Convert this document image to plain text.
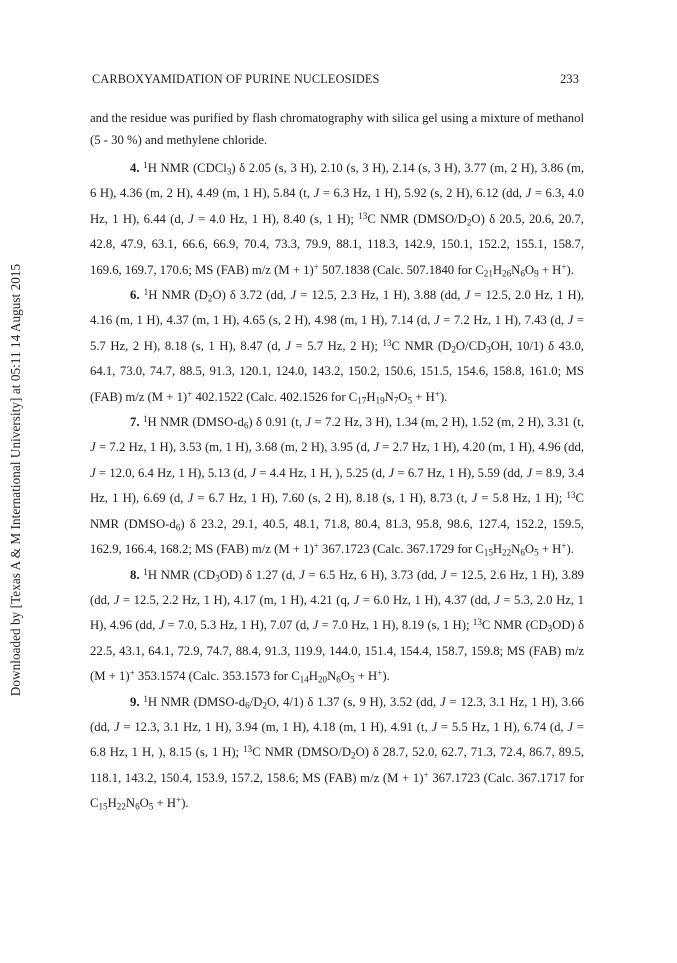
Downloaded by [Texas A & M International University] at 05:11 14 August 2015
CARBOXYAMIDATION OF PURINE NUCLEOSIDES	233

and the residue was purified by flash chromatography with silica gel using a mixture of methanol (5 - 30 %) and methylene chloride.

4. $^1$H NMR (CDCl$_3$) δ 2.05 (s, 3 H), 2.10 (s, 3 H), 2.14 (s, 3 H), 3.77 (m, 2 H), 3.86 (m, 6 H), 4.36 (m, 2 H), 4.49 (m, 1 H), 5.84 (t, J = 6.3 Hz, 1 H), 5.92 (s, 2 H), 6.12 (dd, J = 6.3, 4.0 Hz, 1 H), 6.44 (d, J = 4.0 Hz, 1 H), 8.40 (s, 1 H); $^{13}$C NMR $(DMSO/D_2O)$ δ 20.5, 20.6, 20.7, 42.8, 47.9, 63.1, 66.6, 66.9, 70.4, 73.3, 79.9, 88.1, 118.3, 142.9, 150.1, 152.2, 155.1, 158.7, 169.6, 169.7, 170.6; MS (FAB) m/z (M + 1)+ 507.1838 (Calc. 507.1840 for $C_{21}H_{26}N_6O_9 + H^+$).

6. $^1$H NMR $(D_2O)$ δ 3.72 (dd, J = 12.5, 2.3 Hz, 1 H), 3.88 (dd, J = 12.5, 2.0 Hz, 1 H), 4.16 (m, 1 H), 4.37 (m, 1 H), 4.65 (s, 2 H), 4.98 (m, 1 H), 7.14 (d, J = 7.2 Hz, 1 H), 7.43 (d, J = 5.7 Hz, 2 H), 8.18 (s, 1 H), 8.47 (d, J = 5.7 Hz, 2 H); $^{13}$C NMR ($D_2O/CD_3OH$, 10/1) δ 43.0, 64.1, 73.0, 74.7, 88.5, 91.3, 120.1, 124.0, 143.2, 150.2, 150.6, 151.5, 154.6, 158.8, 161.0; MS (FAB) m/z (M + 1)+ 402.1522 (Calc. 402.1526 for $C_{17}H_{19}N_7O_5 + H^+$).

7. $^1$H NMR $(DMSO-d_6)$ δ 0.91 (t, J = 7.2 Hz, 3 H), 1.34 (m, 2 H), 1.52 (m, 2 H), 3.31 (t, J = 7.2 Hz, 1 H), 3.53 (m, 1 H), 3.68 (m, 2 H), 3.95 (d, J = 2.7 Hz, 1 H), 4.20 (m, 1 H), 4.96 (dd, J = 12.0, 6.4 Hz, 1 H), 5.13 (d, J = 4.4 Hz, 1 H, ), 5.25 (d, J = 6.7 Hz, 1 H), 5.59 (dd, J = 8.9, 3.4 Hz, 1 H), 6.69 (d, J = 6.7 Hz, 1 H), 7.60 (s, 2 H), 8.18 (s, 1 H), 8.73 (t, J = 5.8 Hz, 1 H); $^{13}$C NMR $(DMSO-d_6)$ δ 23.2, 29.1, 40.5, 48.1, 71.8, 80.4, 81.3, 95.8, 98.6, 127.4, 152.2, 159.5, 162.9, 166.4, 168.2; MS (FAB) m/z (M + 1)+ 367.1723 (Calc. 367.1729 for $C_{15}H_{22}N_6O_5 + H^+$).

8. $^1$H NMR $(CD_3OD)$ δ 1.27 (d, J = 6.5 Hz, 6 H), 3.73 (dd, J = 12.5, 2.6 Hz, 1 H), 3.89 (dd, J = 12.5, 2.2 Hz, 1 H), 4.17 (m, 1 H), 4.21 (q, J = 6.0 Hz, 1 H), 4.37 (dd, J = 5.3, 2.0 Hz, 1 H), 4.96 (dd, J = 7.0, 5.3 Hz, 1 H), 7.07 (d, J = 7.0 Hz, 1 H), 8.19 (s, 1 H); $^{13}$C NMR $(CD_3OD)$ δ 22.5, 43.1, 64.1, 72.9, 74.7, 88.4, 91.3, 119.9, 144.0, 151.4, 154.4, 158.7, 159.8; MS (FAB) m/z (M + 1)+ 353.1574 (Calc. 353.1573 for $C_{14}H_{20}N_6O_5 + H^+$).

9. $^1$H NMR ($DMSO-d_6/D_2O$, 4/1) δ 1.37 (s, 9 H), 3.52 (dd, J = 12.3, 3.1 Hz, 1 H), 3.66 (dd, J = 12.3, 3.1 Hz, 1 H), 3.94 (m, 1 H), 4.18 (m, 1 H), 4.91 (t, J = 5.5 Hz, 1 H), 6.74 (d, J = 6.8 Hz, 1 H, ), 8.15 (s, 1 H); $^{13}$C NMR $(DMSO/D_2O)$ δ 28.7, 52.0, 62.7, 71.3, 72.4, 86.7, 89.5, 118.1, 143.2, 150.4, 153.9, 157.2, 158.6; MS (FAB) m/z (M + 1)+ 367.1723 (Calc. 367.1717 for $C_{15}H_{22}N_6O_5 + H^+$).
